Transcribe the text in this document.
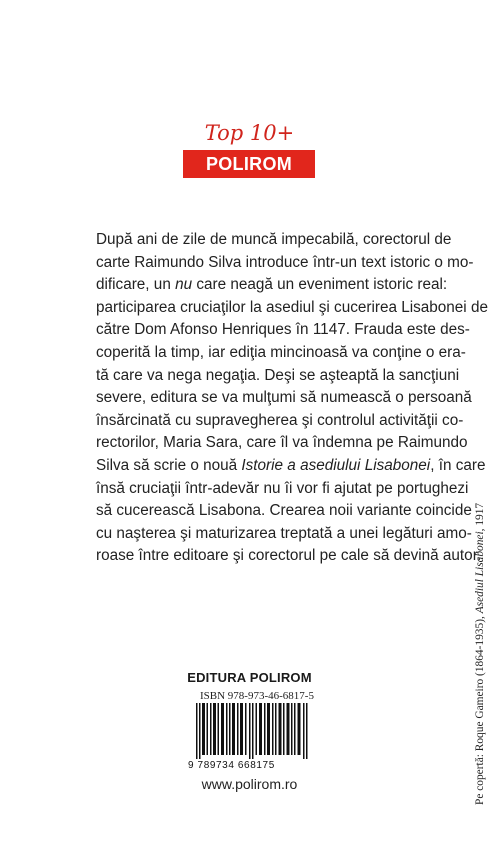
Top 10+
POLIROM
După ani de zile de muncă impecabilă, corectorul de
carte Raimundo Silva introduce într-un text istoric o mo-
dificare, un nu care neagă un eveniment istoric real:
participarea cruciaţilor la asediul şi cucerirea Lisabonei de
către Dom Afonso Henriques în 1147. Frauda este des-
coperită la timp, iar ediţia mincinoasă va conţine o era-
tă care va nega negaţia. Deşi se aşteaptă la sancţiuni
severe, editura se va mulţumi să numească o persoană
însărcinată cu supravegherea şi controlul activităţii co-
rectorilor, Maria Sara, care îl va îndemna pe Raimundo
Silva să scrie o nouă Istorie a asediului Lisabonei, în care
însă cruciaţii într-adevăr nu îi vor fi ajutat pe portughezi
să cucerească Lisabona. Crearea noii variante coincide
cu naşterea şi maturizarea treptată a unei legături amo-
roase între editoare şi corectorul pe cale să devină autor.
EDITURA POLIROM
ISBN 978-973-46-6817-5
9 789734 668175
www.polirom.ro	Pe copertă: Roque Gameiro (1864-1935), Asediul Lisabonei, 1917
